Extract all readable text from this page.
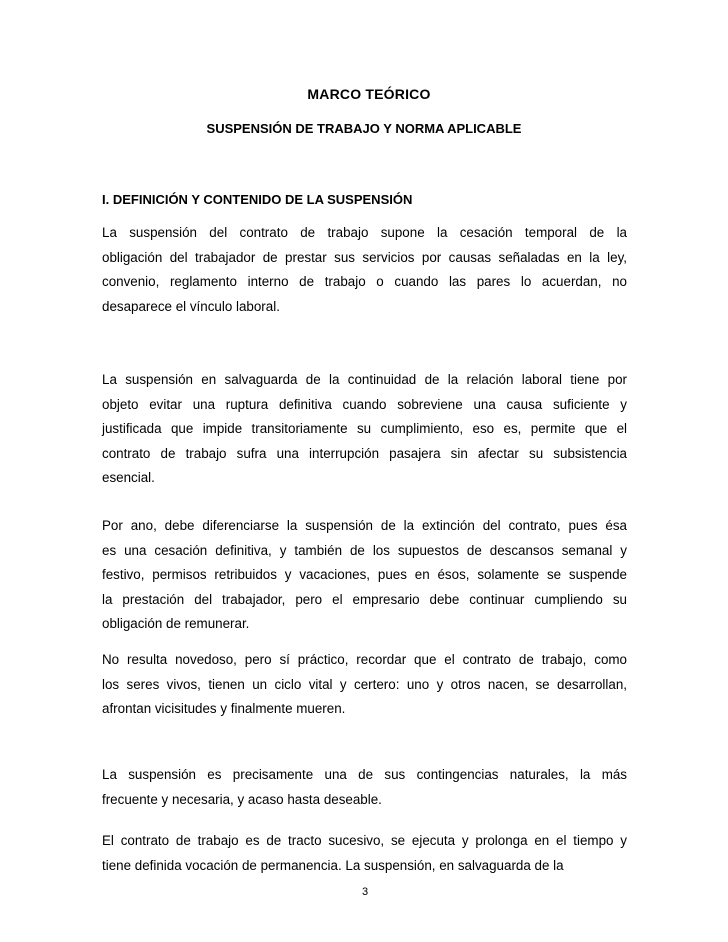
MARCO TEÓRICO
SUSPENSIÓN DE TRABAJO Y NORMA APLICABLE
I. DEFINICIÓN Y CONTENIDO DE LA SUSPENSIÓN
La suspensión del contrato de trabajo supone la cesación temporal de la
obligación del trabajador de prestar sus servicios por causas señaladas en la ley,
convenio, reglamento interno de trabajo o cuando las pares lo acuerdan, no
desaparece el vínculo laboral.
La suspensión en salvaguarda de la continuidad de la relación laboral tiene por
objeto evitar una ruptura definitiva cuando sobreviene una causa suficiente y
justificada que impide transitoriamente su cumplimiento, eso es, permite que el
contrato de trabajo sufra una interrupción pasajera sin afectar su subsistencia
esencial.
Por ano, debe diferenciarse la suspensión de la extinción del contrato, pues ésa
es una cesación definitiva, y también de los supuestos de descansos semanal y
festivo, permisos retribuidos y vacaciones, pues en ésos, solamente se suspende
la prestación del trabajador, pero el empresario debe continuar cumpliendo su
obligación de remunerar.
No resulta novedoso, pero sí práctico, recordar que el contrato de trabajo, como
los seres vivos, tienen un ciclo vital y certero: uno y otros nacen, se desarrollan,
afrontan vicisitudes y finalmente mueren.
La suspensión es precisamente una de sus contingencias naturales, la más
frecuente y necesaria, y acaso hasta deseable.
El contrato de trabajo es de tracto sucesivo, se ejecuta y prolonga en el tiempo y
tiene definida vocación de permanencia. La suspensión, en salvaguarda de la
3
